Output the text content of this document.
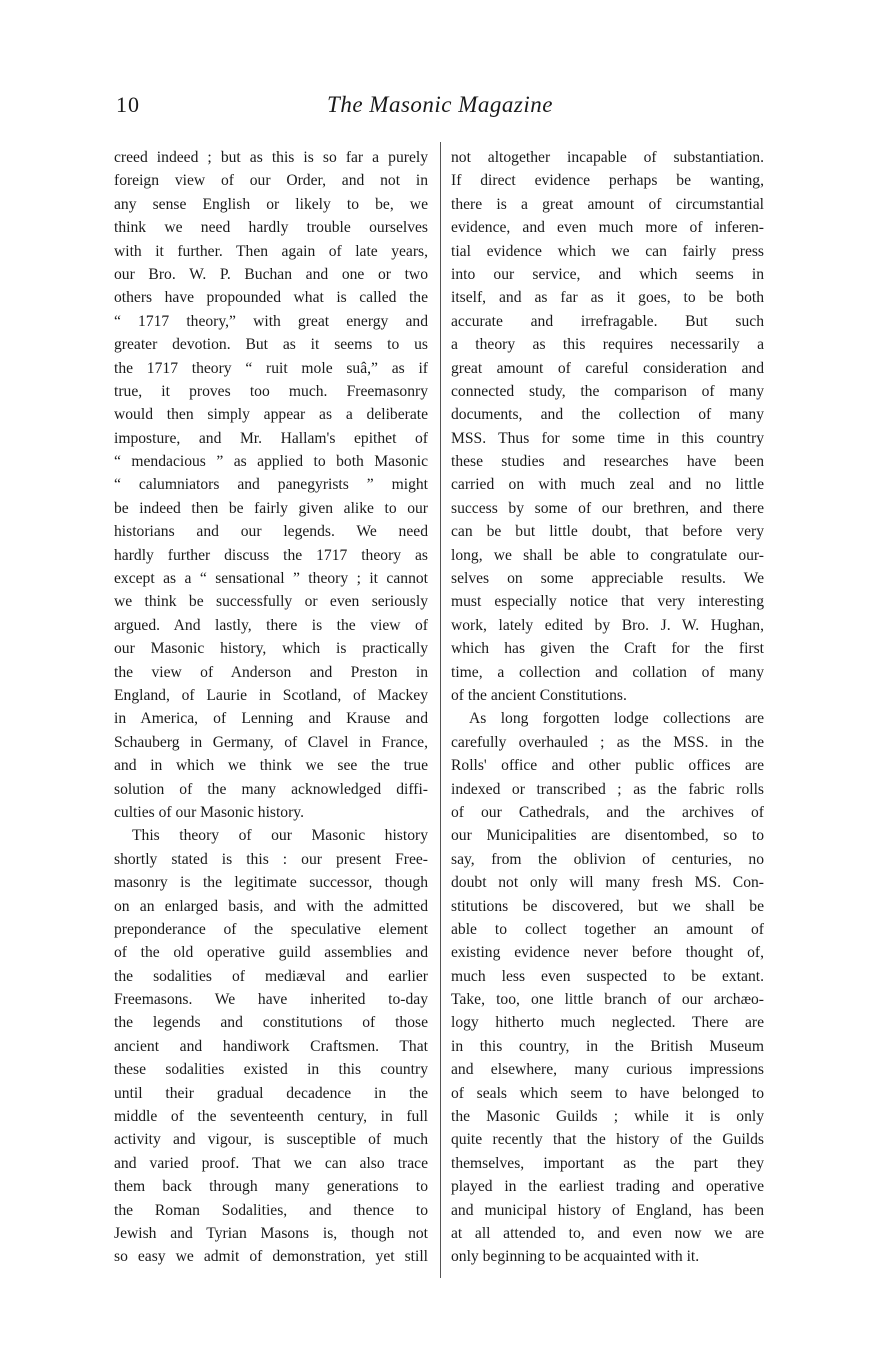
10	The Masonic Magazine
creed indeed ; but as this is so far a purely
foreign view of our Order, and not in
any sense English or likely to be, we
think we need hardly trouble ourselves
with it further. Then again of late years,
our Bro. W. P. Buchan and one or two
others have propounded what is called the
“ 1717 theory,” with great energy and
greater devotion. But as it seems to us
the 1717 theory “ ruit mole suâ,” as if
true, it proves too much. Freemasonry
would then simply appear as a deliberate
imposture, and Mr. Hallam's epithet of
“ mendacious ” as applied to both Masonic
“ calumniators and panegyrists ” might
be indeed then be fairly given alike to our
historians and our legends. We need
hardly further discuss the 1717 theory as
except as a “ sensational ” theory ; it cannot
we think be successfully or even seriously
argued. And lastly, there is the view of
our Masonic history, which is practically
the view of Anderson and Preston in
England, of Laurie in Scotland, of Mackey
in America, of Lenning and Krause and
Schauberg in Germany, of Clavel in France,
and in which we think we see the true
solution of the many acknowledged diffi-
culties of our Masonic history.
This theory of our Masonic history
shortly stated is this : our present Free-
masonry is the legitimate successor, though
on an enlarged basis, and with the admitted
preponderance of the speculative element
of the old operative guild assemblies and
the sodalities of mediæval and earlier
Freemasons. We have inherited to-day
the legends and constitutions of those
ancient and handiwork Craftsmen. That
these sodalities existed in this country
until their gradual decadence in the
middle of the seventeenth century, in full
activity and vigour, is susceptible of much
and varied proof. That we can also trace
them back through many generations to
the Roman Sodalities, and thence to
Jewish and Tyrian Masons is, though not
so easy we admit of demonstration, yet still
not altogether incapable of substantiation.
If direct evidence perhaps be wanting,
there is a great amount of circumstantial
evidence, and even much more of inferen-
tial evidence which we can fairly press
into our service, and which seems in
itself, and as far as it goes, to be both
accurate and irrefragable. But such
a theory as this requires necessarily a
great amount of careful consideration and
connected study, the comparison of many
documents, and the collection of many
MSS. Thus for some time in this country
these studies and researches have been
carried on with much zeal and no little
success by some of our brethren, and there
can be but little doubt, that before very
long, we shall be able to congratulate our-
selves on some appreciable results. We
must especially notice that very interesting
work, lately edited by Bro. J. W. Hughan,
which has given the Craft for the first
time, a collection and collation of many
of the ancient Constitutions.
As long forgotten lodge collections are
carefully overhauled ; as the MSS. in the
Rolls' office and other public offices are
indexed or transcribed ; as the fabric rolls
of our Cathedrals, and the archives of
our Municipalities are disentombed, so to
say, from the oblivion of centuries, no
doubt not only will many fresh MS. Con-
stitutions be discovered, but we shall be
able to collect together an amount of
existing evidence never before thought of,
much less even suspected to be extant.
Take, too, one little branch of our archæo-
logy hitherto much neglected. There are
in this country, in the British Museum
and elsewhere, many curious impressions
of seals which seem to have belonged to
the Masonic Guilds ; while it is only
quite recently that the history of the Guilds
themselves, important as the part they
played in the earliest trading and operative
and municipal history of England, has been
at all attended to, and even now we are
only beginning to be acquainted with it.
